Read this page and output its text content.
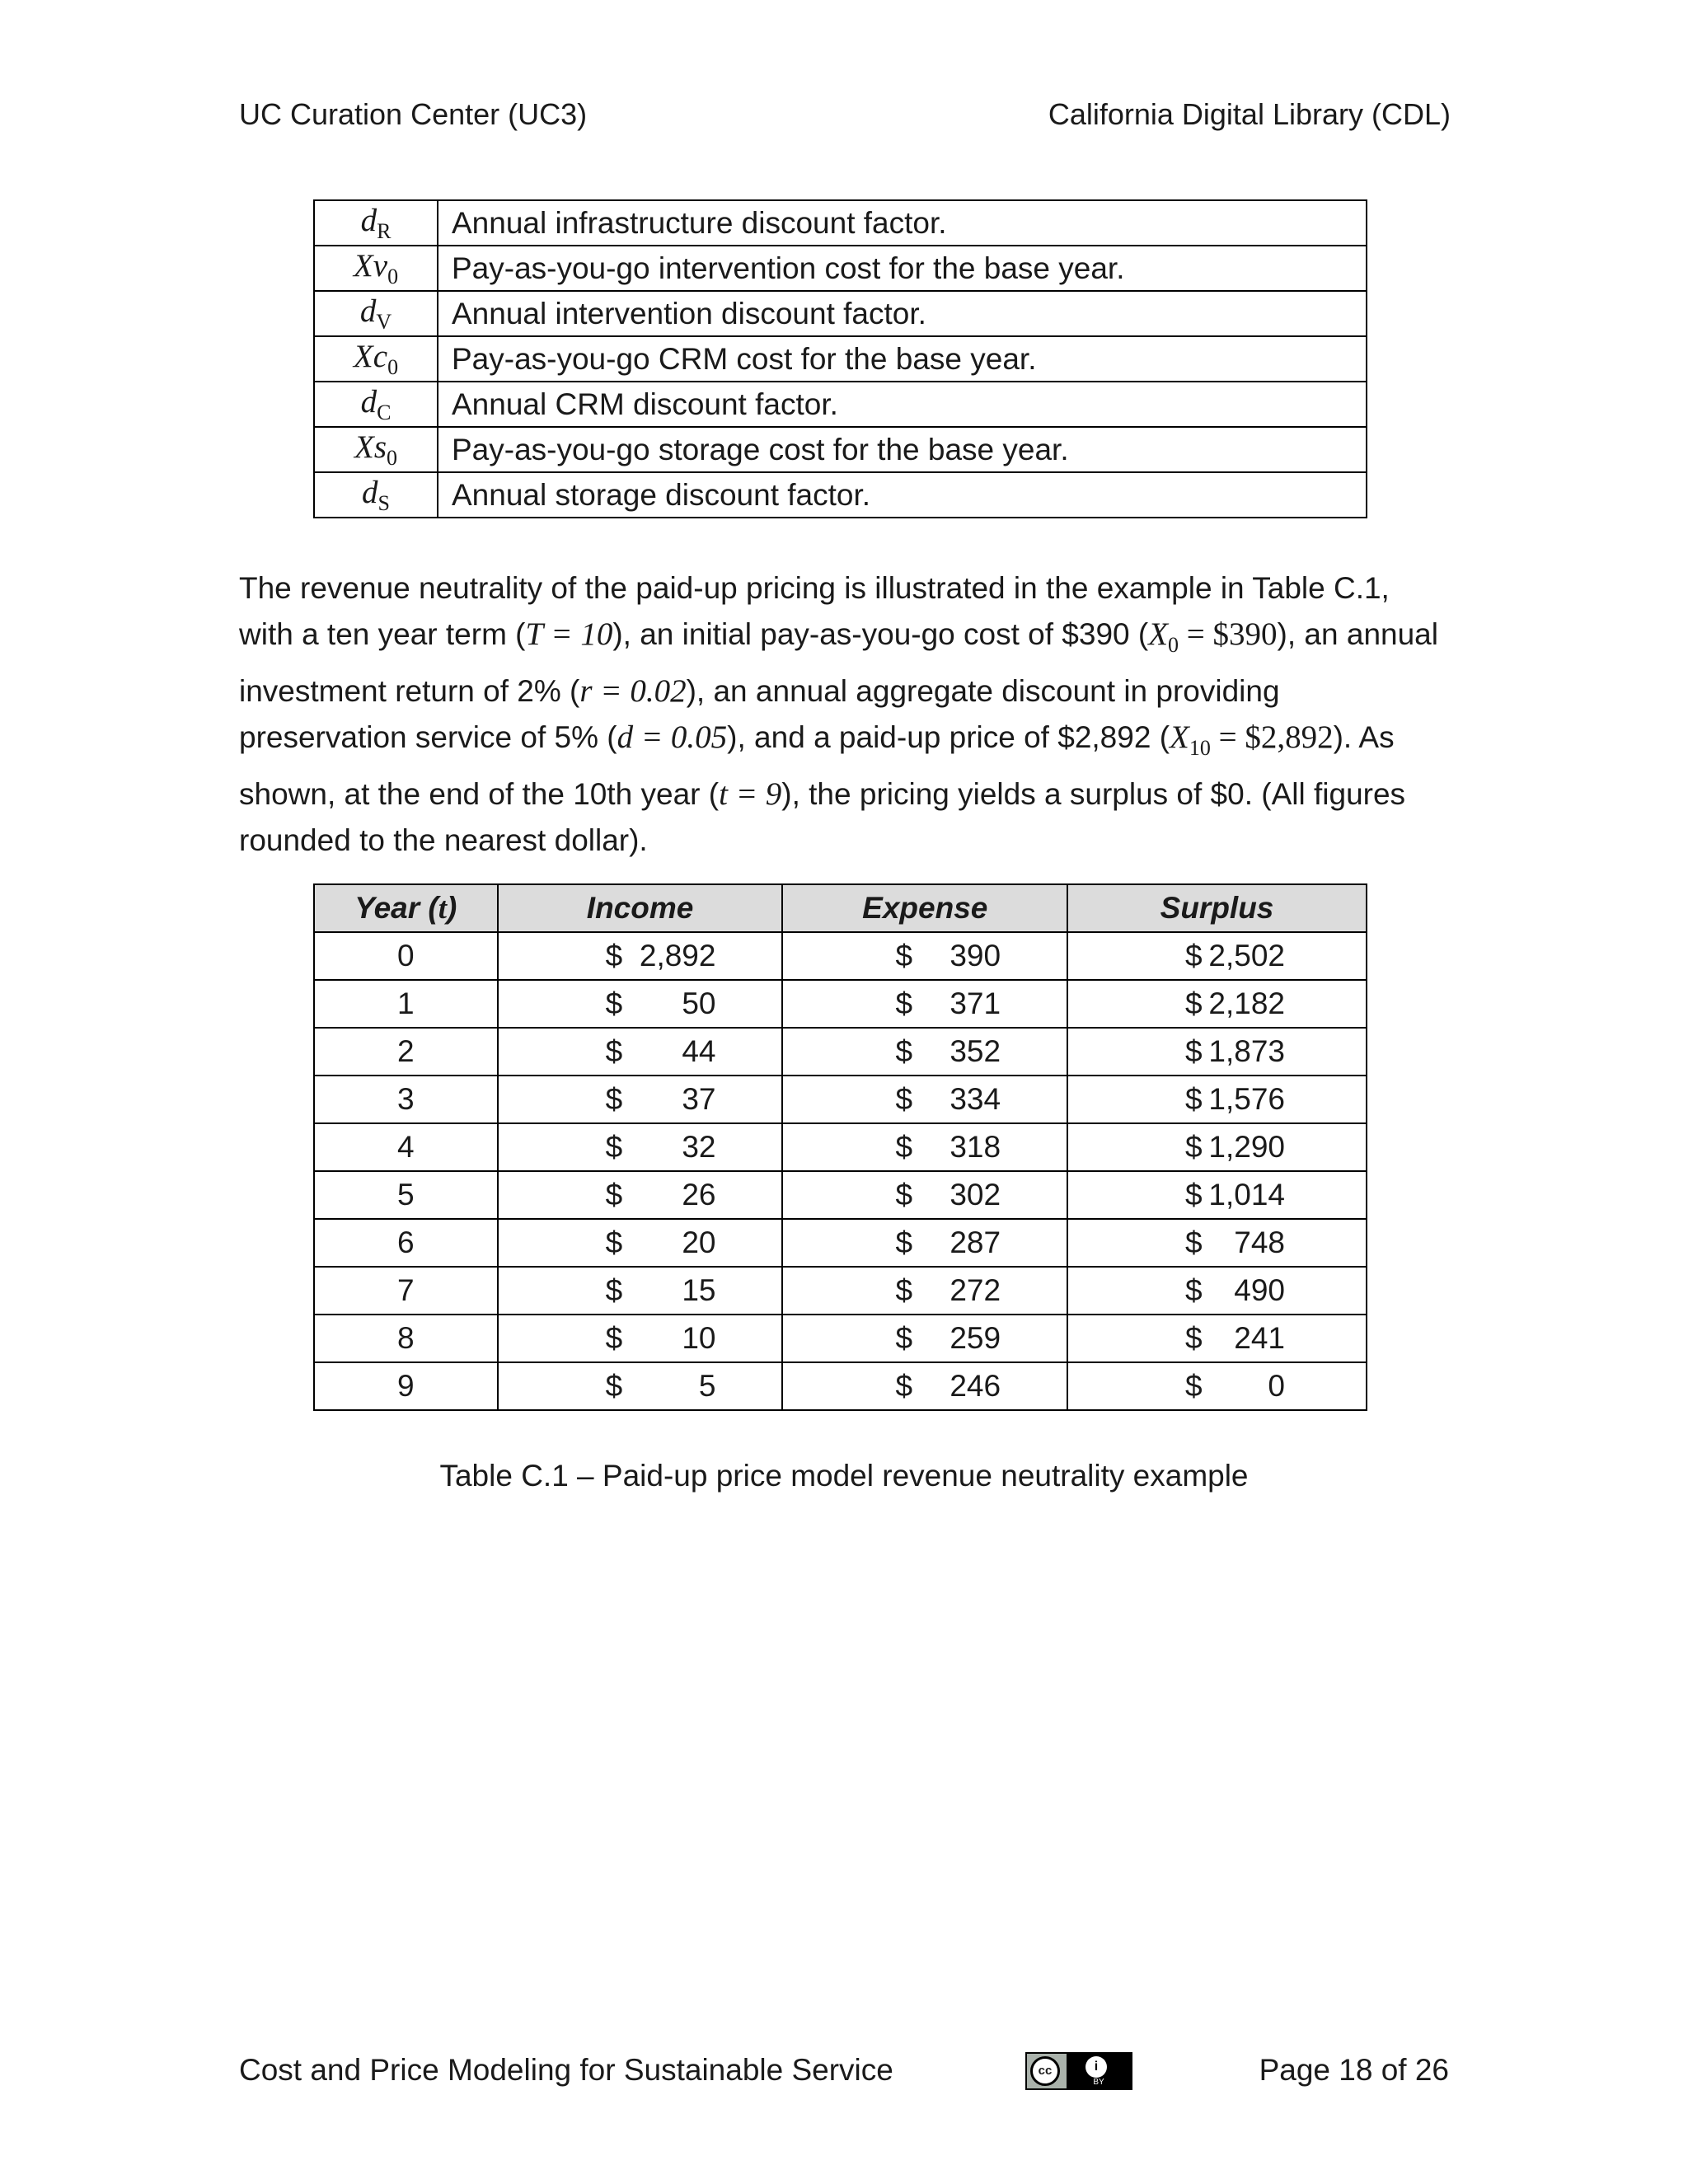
UC Curation Center (UC3)	California Digital Library (CDL)
$d_R$	Annual infrastructure discount factor.
$Xv_0$	Pay-as-you-go intervention cost for the base year.
$d_V$	Annual intervention discount factor.
$Xc_0$	Pay-as-you-go CRM cost for the base year.
$d_C$	Annual CRM discount factor.
$Xs_0$	Pay-as-you-go storage cost for the base year.
$d_S$	Annual storage discount factor.

The revenue neutrality of the paid-up pricing is illustrated in the example in Table C.1, with a ten year term (T = 10), an initial pay-as-you-go cost of $390 ($X_0$ = $390), an annual investment return of 2% (r = 0.02), an annual aggregate discount in providing preservation service of 5% (d = 0.05), and a paid-up price of $2,892 ($X_{10}$ = $2,892). As shown, at the end of the 10th year (t = 9), the pricing yields a surplus of $0. (All figures rounded to the nearest dollar).

Year (t)	Income	Expense	Surplus
0	$ 2,892	$ 390	$ 2,502

1	$ 50	$ 371	$ 2,182

2	$ 44	$ 352	$ 1,873

3	$ 37	$ 334	$ 1,576

4	$ 32	$ 318	$ 1,290

5	$ 26	$ 302	$ 1,014

6	$ 20	$ 287	$ 748

7	$ 15	$ 272	$ 490

8	$ 10	$ 259	$ 241

9	$ 5	$ 246	$ 0
Table C.1 – Paid-up price model revenue neutrality example
Cost and Price Modeling for Sustainable Service	cc	i
BY	Page 18 of 26
